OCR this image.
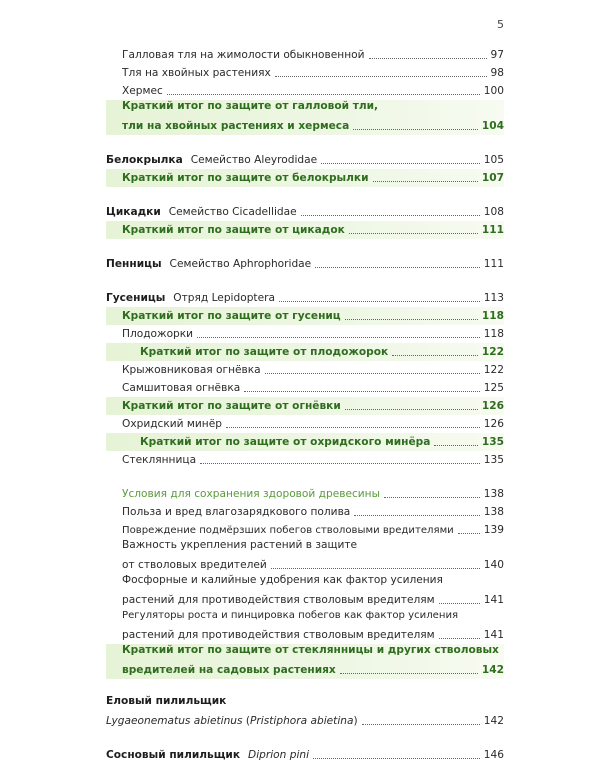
5
Галловая тля на жимолости обыкновенной	97
Тля на хвойных растениях	98
Хермес	100
Краткий итог по защите от галловой тли,
тли на хвойных растениях и хермеса	104
Белокрылка Семейство Aleyrodidae	105
Краткий итог по защите от белокрылки	107
Цикадки Семейство Cicadellidae	108
Краткий итог по защите от цикадок	111
Пенницы Семейство Aphrophoridae	111
Гусеницы Отряд Lepidoptera	113
Краткий итог по защите от гусениц	118
Плодожорки	118
Краткий итог по защите от плодожорок	122
Крыжовниковая огнёвка	122
Самшитовая огнёвка	125
Краткий итог по защите от огнёвки	126
Охридский минёр	126
Краткий итог по защите от охридского минёра	135
Стеклянница	135
Условия для сохранения здоровой древесины	138
Польза и вред влагозарядкового полива	138
Повреждение подмёрзших побегов стволовыми вредителями	139
Важность укрепления растений в защите
от стволовых вредителей	140
Фосфорные и калийные удобрения как фактор усиления
растений для противодействия стволовым вредителям	141
Регуляторы роста и пинцировка побегов как фактор усиления
растений для противодействия стволовым вредителям	141
Краткий итог по защите от стеклянницы и других стволовых
вредителей на садовых растениях	142
Еловый пилильщик
Lygaeonematus abietinus (Pristiphora abietina)	142
Сосновый пилильщик Diprion pini	146
